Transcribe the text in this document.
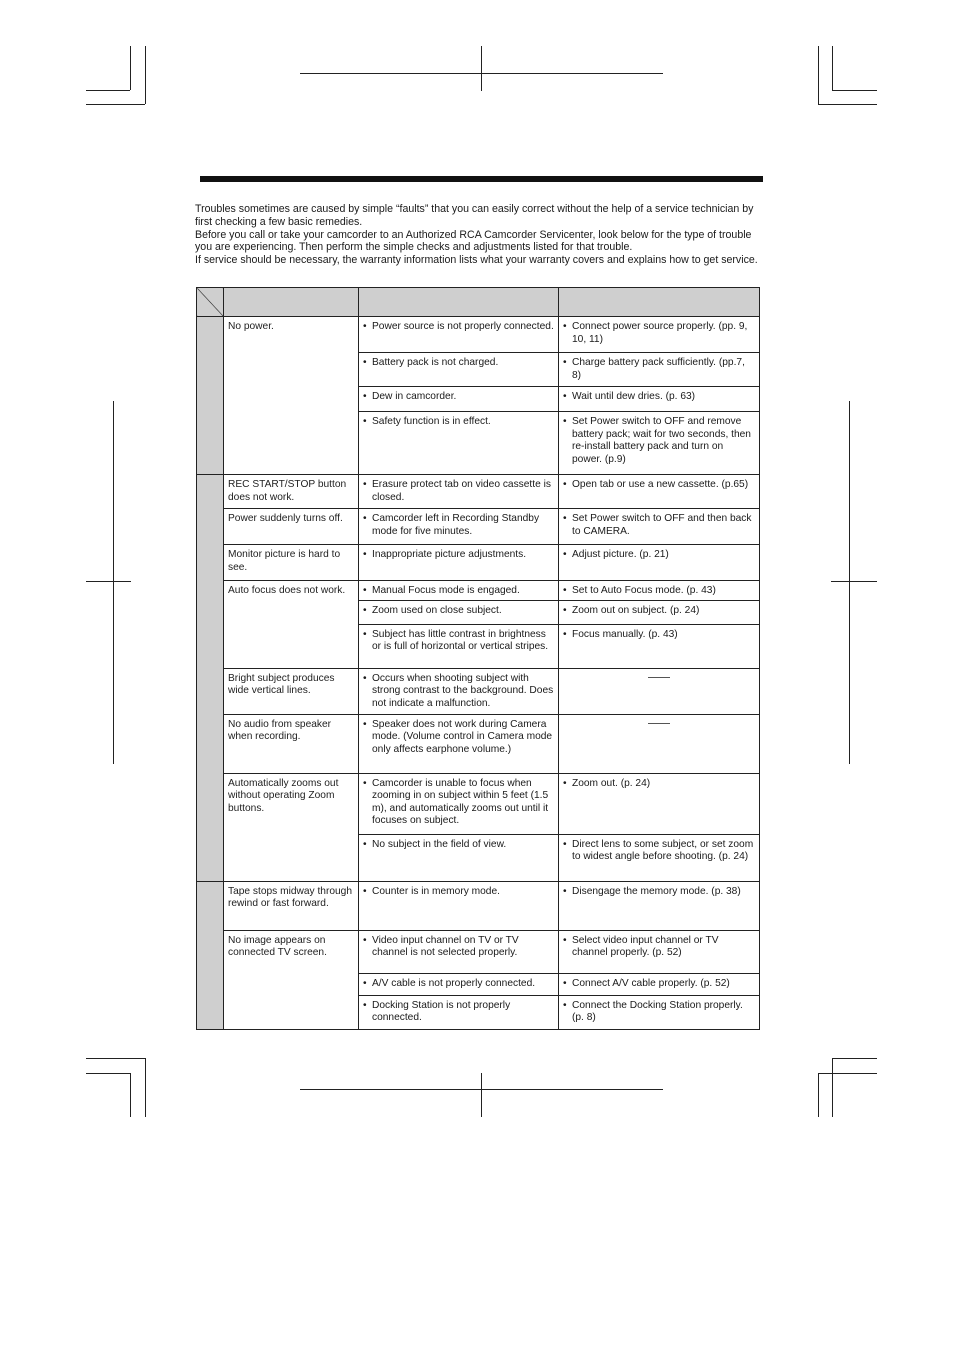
Troubles sometimes are caused by simple “faults” that you can easily correct without the help of a service technician by first checking a few basic remedies.

Before you call or take your camcorder to an Authorized RCA Camcorder Servicenter, look below for the type of trouble you are experiencing. Then perform the simple checks and adjustments listed for that trouble.

If service should be necessary, the warranty information lists what your warranty covers and explains how to get service.

	No power.	• Power source is not properly connected.	• Connect power source properly. (pp. 9, 10, 11)

		• Battery pack is not charged.	• Charge battery pack sufficiently. (pp.7, 8)

		• Dew in camcorder.	• Wait until dew dries. (p. 63)

		• Safety function is in effect.	• Set Power switch to OFF and remove battery pack; wait for two seconds, then re-install battery pack and turn on power. (p.9)

	REC START/STOP button does not work.	• Erasure protect tab on video cassette is closed.	• Open tab or use a new cassette. (p.65)

	Power suddenly turns off.	• Camcorder left in Recording Standby mode for five minutes.	• Set Power switch to OFF and then back to CAMERA.

	Monitor picture is hard to see.	• Inappropriate picture adjustments.	• Adjust picture. (p. 21)

	Auto focus does not work.	• Manual Focus mode is engaged.	• Set to Auto Focus mode. (p. 43)

		• Zoom used on close subject.	• Zoom out on subject. (p. 24)

		• Subject has little contrast in brightness or is full of horizontal or vertical stripes.	• Focus manually. (p. 43)

	Bright subject produces wide vertical lines.	• Occurs when shooting subject with strong contrast to the background. Does not indicate a malfunction.	

	No audio from speaker when recording.	• Speaker does not work during Camera mode. (Volume control in Camera mode only affects earphone volume.)	

	Automatically zooms out without operating Zoom buttons.	• Camcorder is unable to focus when zooming in on subject within 5 feet (1.5 m), and automatically zooms out until it focuses on subject.	• Zoom out. (p. 24)

		• No subject in the field of view.	• Direct lens to some subject, or set zoom to widest angle before shooting. (p. 24)

	Tape stops midway through rewind or fast forward.	• Counter is in memory mode.	• Disengage the memory mode. (p. 38)

	No image appears on connected TV screen.	• Video input channel on TV or TV channel is not selected properly.	• Select video input channel or TV channel properly. (p. 52)

		• A/V cable is not properly connected.	• Connect A/V cable properly. (p. 52)

		• Docking Station is not properly connected.	• Connect the Docking Station properly. (p. 8)
